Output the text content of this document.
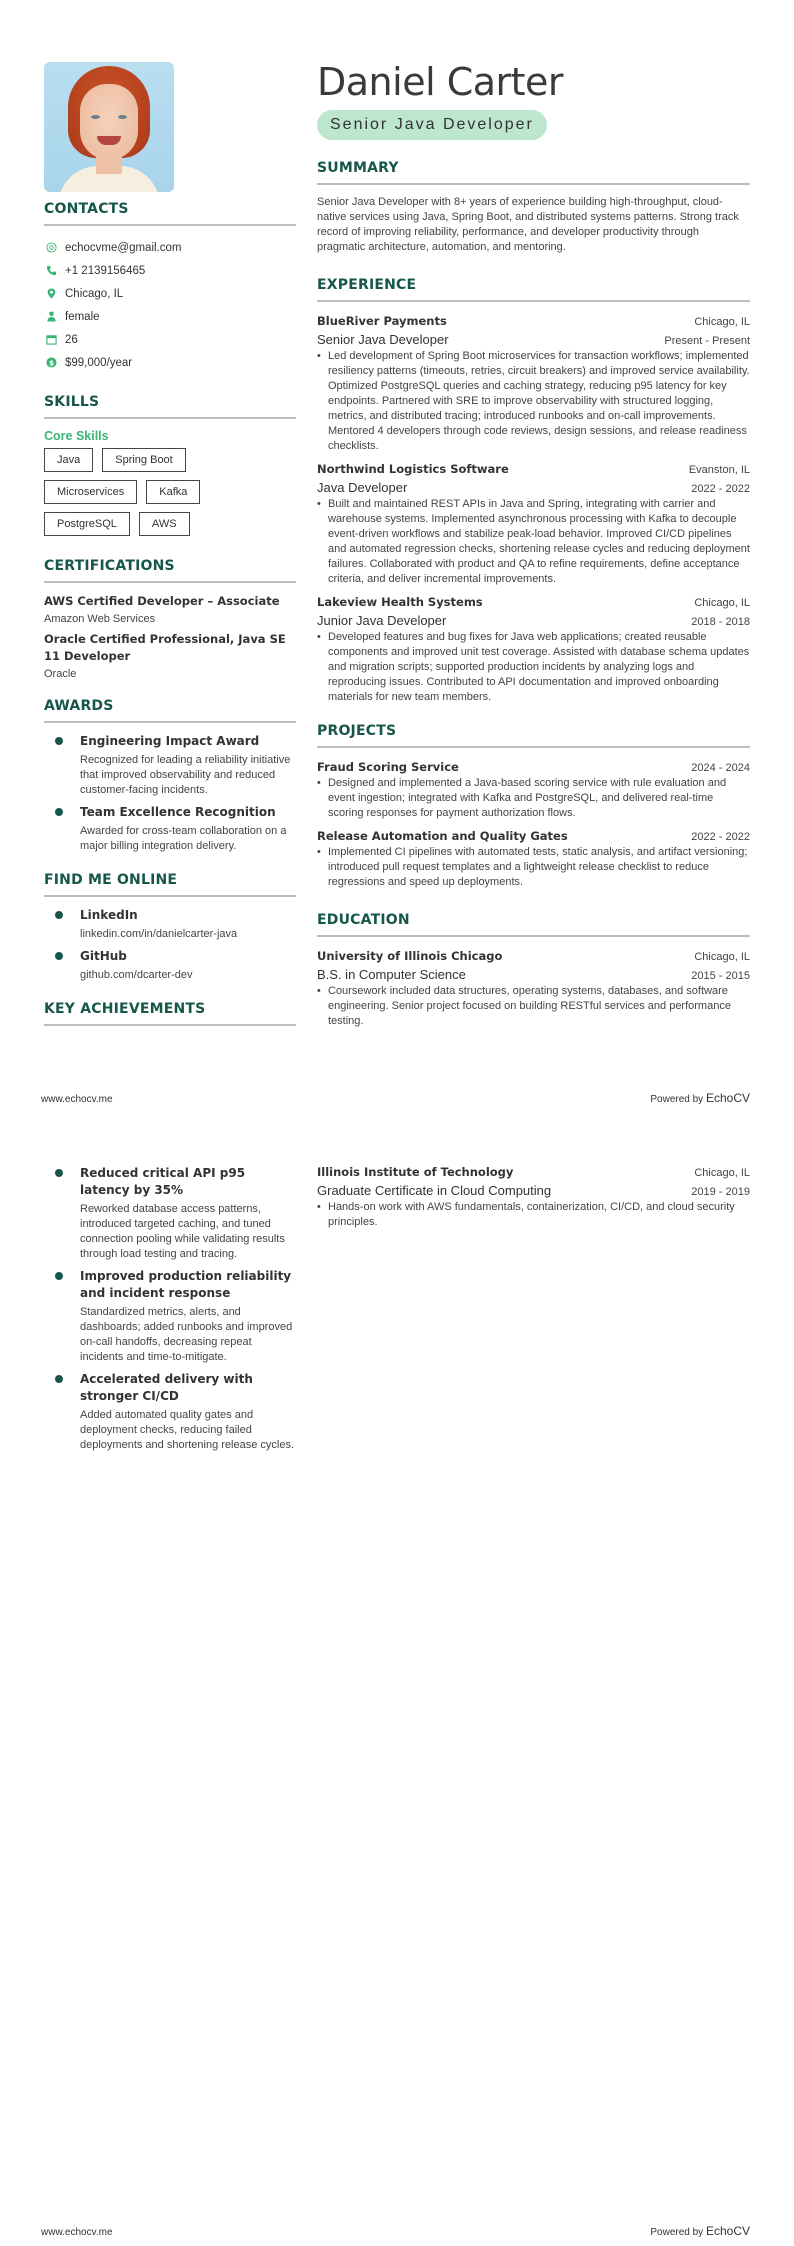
CONTACTS
echocvme@gmail.com
+1 2139156465
Chicago, IL
female
26
$ $99,000/year
SKILLS
Core Skills
Java	Spring Boot
Microservices	Kafka
PostgreSQL	AWS
CERTIFICATIONS
AWS Certified Developer – Associate
Amazon Web Services
Oracle Certified Professional, Java SE 11 Developer
Oracle
AWARDS
Engineering Impact Award
Recognized for leading a reliability initiative that improved observability and reduced customer-facing incidents.
Team Excellence Recognition
Awarded for cross-team collaboration on a major billing integration delivery.
FIND ME ONLINE
LinkedIn
linkedin.com/in/danielcarter-java
GitHub
github.com/dcarter-dev
KEY ACHIEVEMENTS
Daniel Carter
Senior Java Developer
SUMMARY

Senior Java Developer with 8+ years of experience building high-throughput, cloud-native services using Java, Spring Boot, and distributed systems patterns. Strong track record of improving reliability, performance, and developer productivity through pragmatic architecture, automation, and mentoring.

EXPERIENCE
BlueRiver Payments	Chicago, IL
Senior Java Developer	Present - Present

• Led development of Spring Boot microservices for transaction workflows; implemented resiliency patterns (timeouts, retries, circuit breakers) and improved service availability. Optimized PostgreSQL queries and caching strategy, reducing p95 latency for key endpoints. Partnered with SRE to improve observability with structured logging, metrics, and distributed tracing; introduced runbooks and on-call improvements. Mentored 4 developers through code reviews, design sessions, and release readiness checklists.

Northwind Logistics Software	Evanston, IL
Java Developer	2022 - 2022

• Built and maintained REST APIs in Java and Spring, integrating with carrier and warehouse systems. Implemented asynchronous processing with Kafka to decouple event-driven workflows and stabilize peak-load behavior. Improved CI/CD pipelines and automated regression checks, shortening release cycles and reducing deployment failures. Collaborated with product and QA to refine requirements, define acceptance criteria, and deliver incremental improvements.

Lakeview Health Systems	Chicago, IL
Junior Java Developer	2018 - 2018

• Developed features and bug fixes for Java web applications; created reusable components and improved unit test coverage. Assisted with database schema updates and migration scripts; supported production incidents by analyzing logs and reproducing issues. Contributed to API documentation and improved onboarding materials for new team members.

PROJECTS
Fraud Scoring Service	2024 - 2024

• Designed and implemented a Java-based scoring service with rule evaluation and event ingestion; integrated with Kafka and PostgreSQL, and delivered real-time scoring responses for payment authorization flows.

Release Automation and Quality Gates	2022 - 2022

• Implemented CI pipelines with automated tests, static analysis, and artifact versioning; introduced pull request templates and a lightweight release checklist to reduce regressions and speed up deployments.

EDUCATION
University of Illinois Chicago	Chicago, IL
B.S. in Computer Science	2015 - 2015

• Coursework included data structures, operating systems, databases, and software engineering. Senior project focused on building RESTful services and performance testing.

www.echocv.me	Powered by EchoCV
Reduced critical API p95 latency by 35%
Reworked database access patterns, introduced targeted caching, and tuned connection pooling while validating results through load testing and tracing.
Improved production reliability and incident response
Standardized metrics, alerts, and dashboards; added runbooks and improved on-call handoffs, decreasing repeat incidents and time-to-mitigate.
Accelerated delivery with stronger CI/CD
Added automated quality gates and deployment checks, reducing failed deployments and shortening release cycles.
Illinois Institute of Technology	Chicago, IL
Graduate Certificate in Cloud Computing	2019 - 2019

• Hands-on work with AWS fundamentals, containerization, CI/CD, and cloud security principles.

www.echocv.me	Powered by EchoCV
